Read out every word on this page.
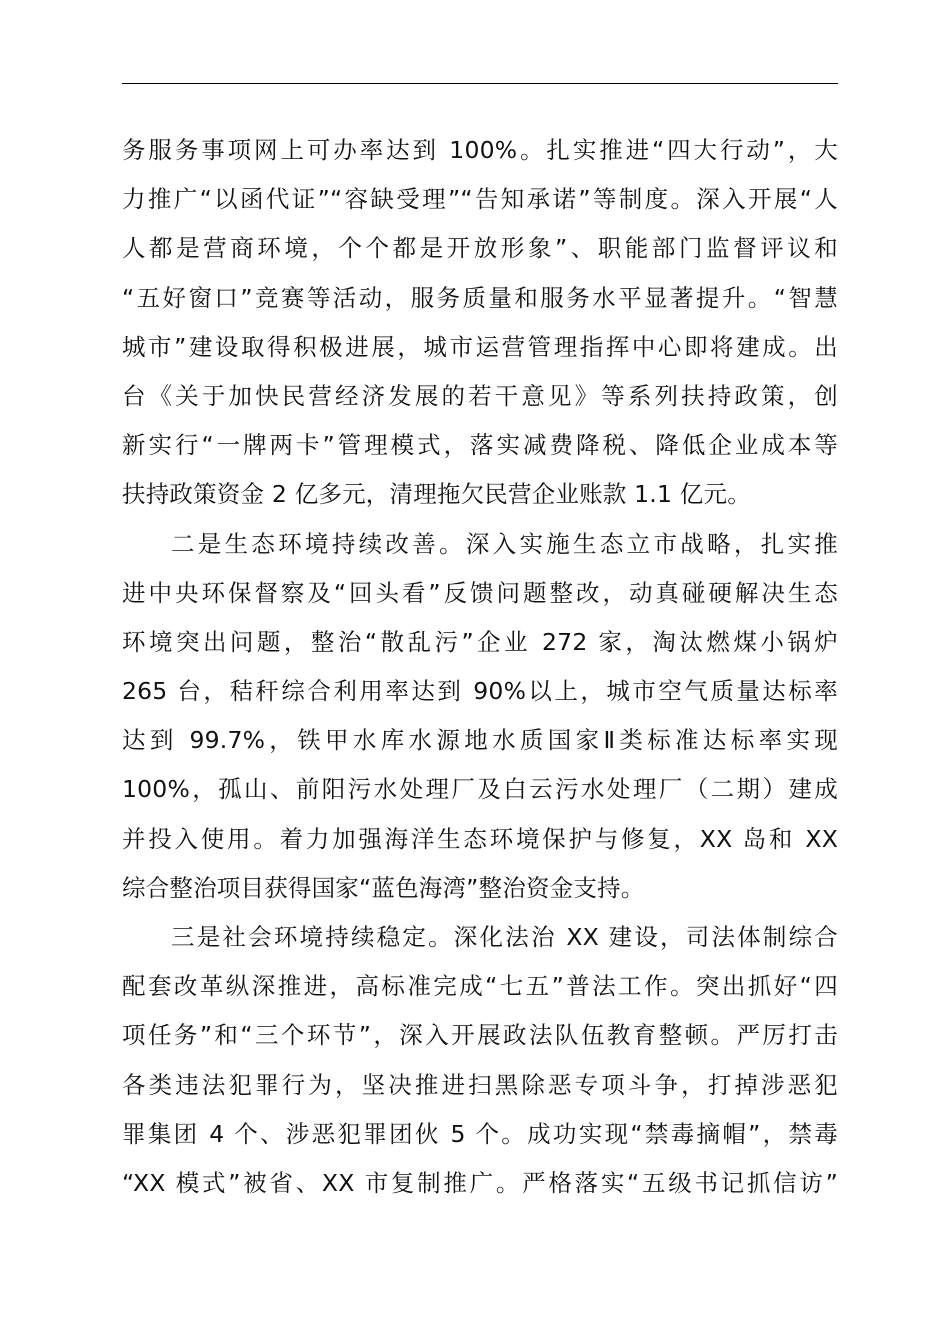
务服务事项网上可办率达到 100%。扎实推进“四大行动”，大
力推广“以函代证”“容缺受理”“告知承诺”等制度。深入开展“人
人都是营商环境，个个都是开放形象”、职能部门监督评议和
“五好窗口”竞赛等活动，服务质量和服务水平显著提升。“智慧
城市”建设取得积极进展，城市运营管理指挥中心即将建成。出
台《关于加快民营经济发展的若干意见》等系列扶持政策，创
新实行“一牌两卡”管理模式，落实减费降税、降低企业成本等
扶持政策资金 2 亿多元，清理拖欠民营企业账款 1.1 亿元。
二是生态环境持续改善。深入实施生态立市战略，扎实推
进中央环保督察及“回头看”反馈问题整改，动真碰硬解决生态
环境突出问题，整治“散乱污”企业 272 家，淘汰燃煤小锅炉
265 台，秸秆综合利用率达到 90%以上，城市空气质量达标率
达到 99.7%，铁甲水库水源地水质国家Ⅱ类标准达标率实现
100%，孤山、前阳污水处理厂及白云污水处理厂（二期）建成
并投入使用。着力加强海洋生态环境保护与修复，XX 岛和 XX
综合整治项目获得国家“蓝色海湾”整治资金支持。
三是社会环境持续稳定。深化法治 XX 建设，司法体制综合
配套改革纵深推进，高标准完成“七五”普法工作。突出抓好“四
项任务”和“三个环节”，深入开展政法队伍教育整顿。严厉打击
各类违法犯罪行为，坚决推进扫黑除恶专项斗争，打掉涉恶犯
罪集团 4 个、涉恶犯罪团伙 5 个。成功实现“禁毒摘帽”，禁毒
“XX 模式”被省、XX 市复制推广。严格落实“五级书记抓信访”
